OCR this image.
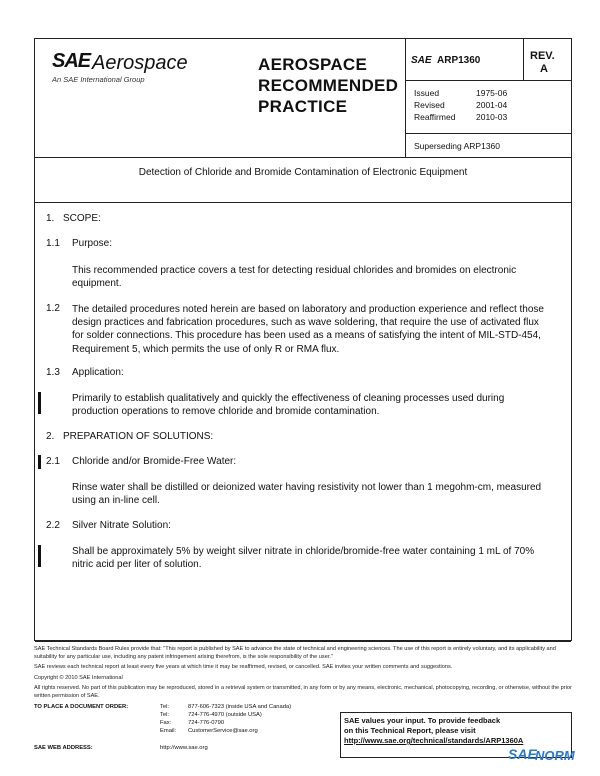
SAE Aerospace
An SAE International Group
AEROSPACE
RECOMMENDED
PRACTICE
SAE ARP1360	REV.
A
Issued	1975-06
Revised	2001-04
Reaffirmed 2010-03
Superseding ARP1360
Detection of Chloride and Bromide Contamination of Electronic Equipment
1. SCOPE:
1.1 Purpose:
This recommended practice covers a test for detecting residual chlorides and bromides on electronic equipment.
1.2 The detailed procedures noted herein are based on laboratory and production experience and reflect those design practices and fabrication procedures, such as wave soldering, that require the use of activated flux for solder connections. This procedure has been used as a means of satisfying the intent of MIL-STD-454, Requirement 5, which permits the use of only R or RMA flux.
1.3 Application:
Primarily to establish qualitatively and quickly the effectiveness of cleaning processes used during production operations to remove chloride and bromide contamination.
2. PREPARATION OF SOLUTIONS:
2.1 Chloride and/or Bromide-Free Water:
Rinse water shall be distilled or deionized water having resistivity not lower than 1 megohm-cm, measured using an in-line cell.
2.2 Silver Nitrate Solution:
Shall be approximately 5% by weight silver nitrate in chloride/bromide-free water containing 1 mL of 70% nitric acid per liter of solution.
SAE Technical Standards Board Rules provide that: "This report is published by SAE to advance the state of technical and engineering sciences. The use of this report is entirely voluntary, and its applicability and suitability for any particular use, including any patent infringement arising therefrom, is the sole responsibility of the user."
SAE reviews each technical report at least every five years at which time it may be reaffirmed, revised, or cancelled. SAE invites your written comments and suggestions.
Copyright © 2010 SAE International
All rights reserved. No part of this publication may be reproduced, stored in a retrieval system or transmitted, in any form or by any means, electronic, mechanical, photocopying, recording, or otherwise, without the prior written permission of SAE.
TO PLACE A DOCUMENT ORDER:
SAE WEB ADDRESS:
Tel:	877-606-7323 (inside USA and Canada)
Tel:	724-776-4970 (outside USA)
Fax:	724-776-0790
Email: CustomerService@sae.org
http://www.sae.org
SAE values your input. To provide feedback
on this Technical Report, please visit
http://www.sae.org/technical/standards/ARP1360A
SAE
NORM
